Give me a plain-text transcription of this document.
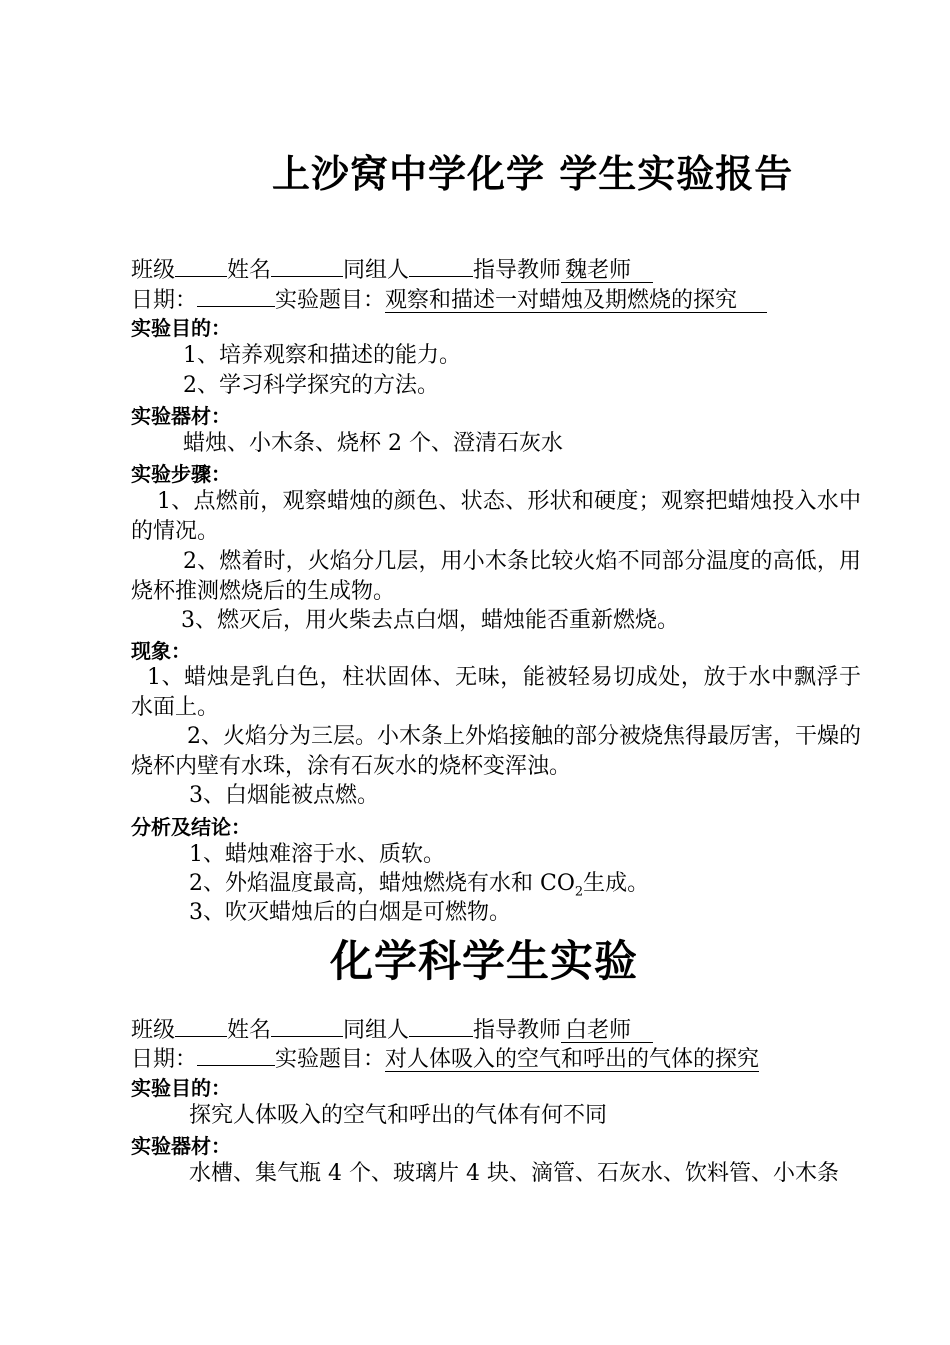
上沙窝中学化学 学生实验报告
班级 姓名	同组人	指导教师 魏老师
日期：	实验题目：观察和描述一对蜡烛及期燃烧的探究
实验目的：
1、培养观察和描述的能力。
2、学习科学探究的方法。
实验器材：
蜡烛、小木条、烧杯 2 个、澄清石灰水
实验步骤：
1、点燃前，观察蜡烛的颜色、状态、形状和硬度；观察把蜡烛投入水中的情况。
2、燃着时，火焰分几层，用小木条比较火焰不同部分温度的高低，用烧杯推测燃烧后的生成物。
3、燃灭后，用火柴去点白烟，蜡烛能否重新燃烧。
现象：
1、蜡烛是乳白色，柱状固体、无味，能被轻易切成处，放于水中飘浮于水面上。
2、火焰分为三层。小木条上外焰接触的部分被烧焦得最厉害，干燥的烧杯内壁有水珠，涂有石灰水的烧杯变浑浊。
3、白烟能被点燃。
分析及结论：
1、蜡烛难溶于水、质软。
2、外焰温度最高，蜡烛燃烧有水和 $CO_2$生成。
3、吹灭蜡烛后的白烟是可燃物。
化学科学生实验
班级 姓名	同组人	指导教师 白老师
日期：	实验题目：对人体吸入的空气和呼出的气体的探究
实验目的：
探究人体吸入的空气和呼出的气体有何不同
实验器材：
水槽、集气瓶 4 个、玻璃片 4 块、滴管、石灰水、饮料管、小木条
